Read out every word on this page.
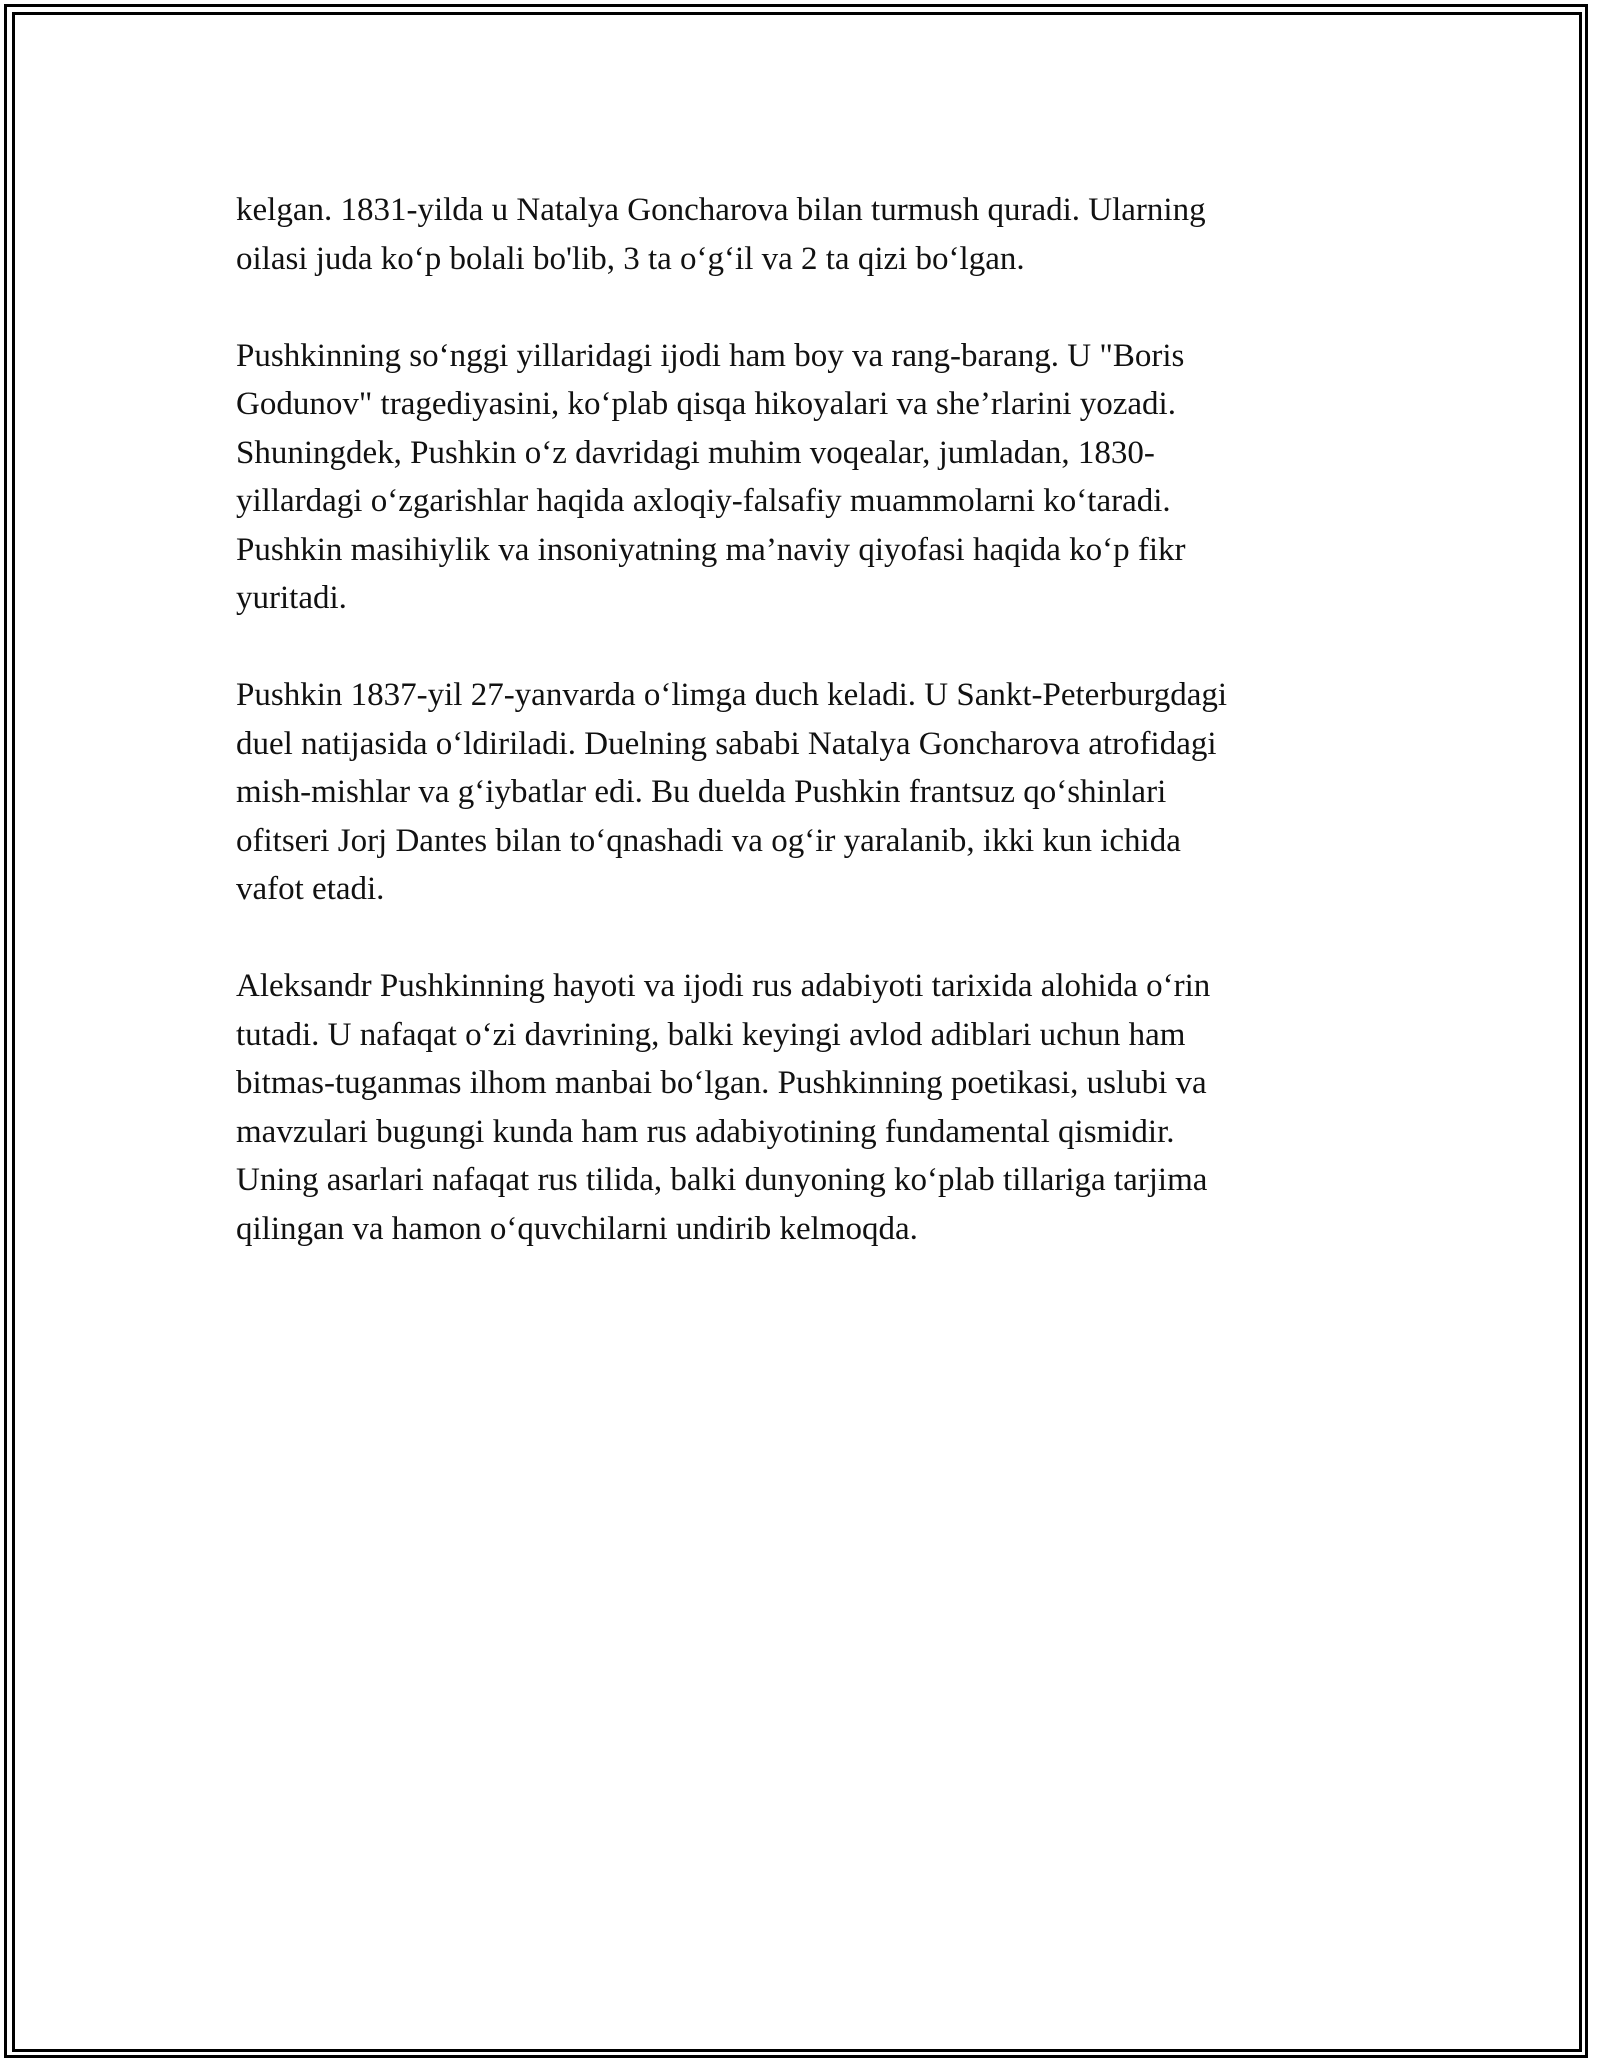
kelgan. 1831-yilda u Natalya Goncharova bilan turmush quradi. Ularning
oilasi juda ko‘p bolali bo'lib, 3 ta o‘g‘il va 2 ta qizi bo‘lgan.
Pushkinning so‘nggi yillaridagi ijodi ham boy va rang-barang. U "Boris
Godunov" tragediyasini, ko‘plab qisqa hikoyalari va she’rlarini yozadi.
Shuningdek, Pushkin o‘z davridagi muhim voqealar, jumladan, 1830-
yillardagi o‘zgarishlar haqida axloqiy-falsafiy muammolarni ko‘taradi.
Pushkin masihiylik va insoniyatning ma’naviy qiyofasi haqida ko‘p fikr
yuritadi.
Pushkin 1837-yil 27-yanvarda o‘limga duch keladi. U Sankt-Peterburgdagi
duel natijasida o‘ldiriladi. Duelning sababi Natalya Goncharova atrofidagi
mish-mishlar va g‘iybatlar edi. Bu duelda Pushkin frantsuz qo‘shinlari
ofitseri Jorj Dantes bilan to‘qnashadi va og‘ir yaralanib, ikki kun ichida
vafot etadi.
Aleksandr Pushkinning hayoti va ijodi rus adabiyoti tarixida alohida o‘rin
tutadi. U nafaqat o‘zi davrining, balki keyingi avlod adiblari uchun ham
bitmas-tuganmas ilhom manbai bo‘lgan. Pushkinning poetikasi, uslubi va
mavzulari bugungi kunda ham rus adabiyotining fundamental qismidir.
Uning asarlari nafaqat rus tilida, balki dunyoning ko‘plab tillariga tarjima
qilingan va hamon o‘quvchilarni undirib kelmoqda.
